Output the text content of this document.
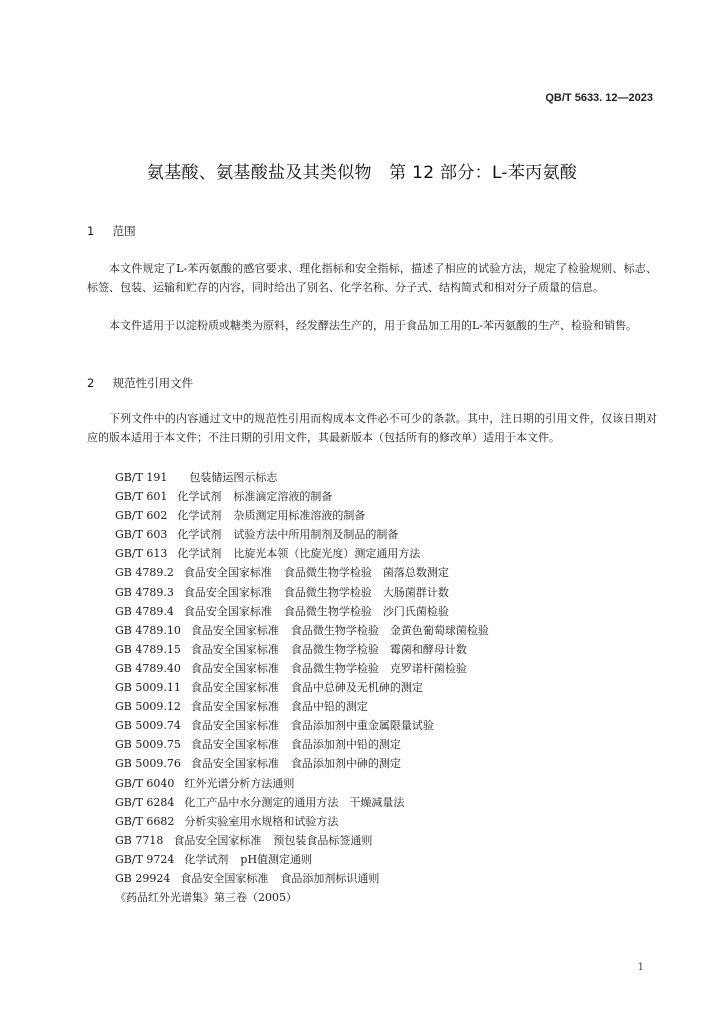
QB/T 5633. 12—2023
氨基酸、氨基酸盐及其类似物　第 12 部分：L-苯丙氨酸
1 范围

本文件规定了L-苯丙氨酸的感官要求、理化指标和安全指标，描述了相应的试验方法，规定了检验规则、标志、标签、包装、运输和贮存的内容，同时给出了别名、化学名称、分子式、结构简式和相对分子质量的信息。

本文件适用于以淀粉质或糖类为原料，经发酵法生产的，用于食品加工用的L-苯丙氨酸的生产、检验和销售。

2 规范性引用文件

下列文件中的内容通过文中的规范性引用而构成本文件必不可少的条款。其中，注日期的引用文件，仅该日期对应的版本适用于本文件；不注日期的引用文件，其最新版本（包括所有的修改单）适用于本文件。

GB/T 191 包装储运图示标志
GB/T 601 化学试剂 标准滴定溶液的制备
GB/T 602 化学试剂 杂质测定用标准溶液的制备
GB/T 603 化学试剂 试验方法中所用制剂及制品的制备
GB/T 613 化学试剂 比旋光本领（比旋光度）测定通用方法
GB 4789.2 食品安全国家标准 食品微生物学检验　菌落总数测定
GB 4789.3 食品安全国家标准 食品微生物学检验　大肠菌群计数
GB 4789.4 食品安全国家标准 食品微生物学检验　沙门氏菌检验
GB 4789.10 食品安全国家标准 食品微生物学检验　金黄色葡萄球菌检验
GB 4789.15 食品安全国家标准 食品微生物学检验　霉菌和酵母计数
GB 4789.40 食品安全国家标准 食品微生物学检验　克罗诺杆菌检验
GB 5009.11 食品安全国家标准 食品中总砷及无机砷的测定
GB 5009.12 食品安全国家标准 食品中铅的测定
GB 5009.74 食品安全国家标准 食品添加剂中重金属限量试验
GB 5009.75 食品安全国家标准 食品添加剂中铅的测定
GB 5009.76 食品安全国家标准 食品添加剂中砷的测定
GB/T 6040 红外光谱分析方法通则
GB/T 6284 化工产品中水分测定的通用方法　干燥减量法
GB/T 6682 分析实验室用水规格和试验方法
GB 7718 食品安全国家标准 预包装食品标签通则
GB/T 9724 化学试剂 pH值测定通则
GB 29924 食品安全国家标准 食品添加剂标识通则
《药品红外光谱集》第三卷（2005）
1
